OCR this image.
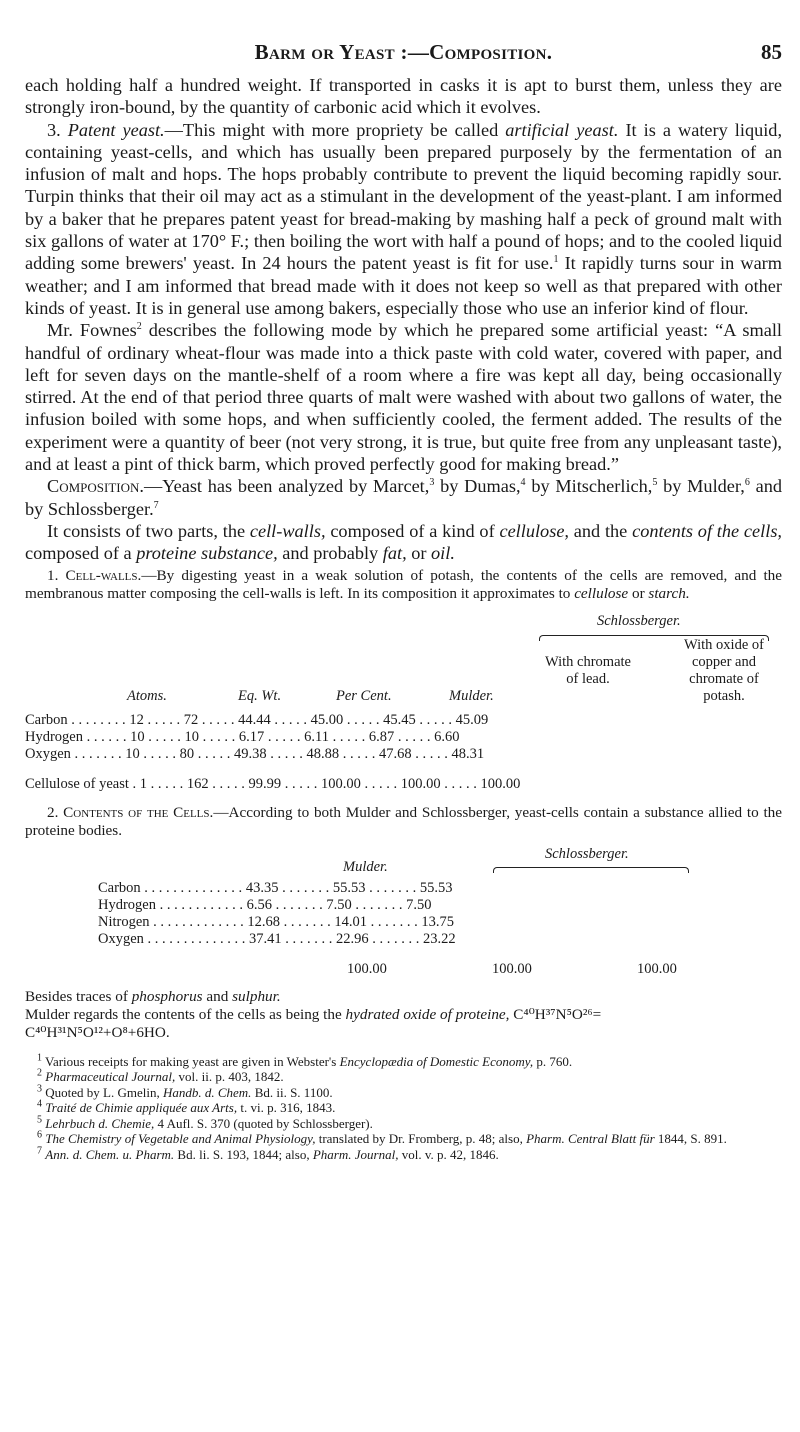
Barm or Yeast :—Composition.	85

each holding half a hundred weight. If transported in casks it is apt to burst them, unless they are strongly iron-bound, by the quantity of carbonic acid which it evolves.

3. Patent yeast.—This might with more propriety be called artificial yeast. It is a watery liquid, containing yeast-cells, and which has usually been prepared purposely by the fermentation of an infusion of malt and hops. The hops probably contribute to prevent the liquid becoming rapidly sour. Turpin thinks that their oil may act as a stimulant in the development of the yeast-plant. I am informed by a baker that he prepares patent yeast for bread-making by mashing half a peck of ground malt with six gallons of water at 170° F.; then boiling the wort with half a pound of hops; and to the cooled liquid adding some brewers' yeast. In 24 hours the patent yeast is fit for use.$^1$ It rapidly turns sour in warm weather; and I am informed that bread made with it does not keep so well as that prepared with other kinds of yeast. It is in general use among bakers, especially those who use an inferior kind of flour.

Mr. Fownes$^2$ describes the following mode by which he prepared some artificial yeast: “A small handful of ordinary wheat-flour was made into a thick paste with cold water, covered with paper, and left for seven days on the mantle-shelf of a room where a fire was kept all day, being occasionally stirred. At the end of that period three quarts of malt were washed with about two gallons of water, the infusion boiled with some hops, and when sufficiently cooled, the ferment added. The results of the experiment were a quantity of beer (not very strong, it is true, but quite free from any unpleasant taste), and at least a pint of thick barm, which proved perfectly good for making bread.”

Composition.—Yeast has been analyzed by Marcet,$^3$ by Dumas,$^4$ by Mitscherlich,$^5$ by Mulder,$^6$ and by Schlossberger.$^7$

It consists of two parts, the cell-walls, composed of a kind of cellulose, and the contents of the cells, composed of a proteine substance, and probably fat, or oil.

1. Cell-walls.—By digesting yeast in a weak solution of potash, the contents of the cells are removed, and the membranous matter composing the cell-walls is left. In its composition it approximates to cellulose or starch.

Schlossberger.
With chromate
of lead.
With oxide of
copper and
chromate of
potash.
Atoms.	Eq. Wt.	Per Cent.	Mulder.
Carbon . . . . . . . . 12 . . . . . 72 . . . . . 44.44 . . . . . 45.00 . . . . . 45.45 . . . . . 45.09
Hydrogen . . . . . . 10 . . . . . 10 . . . . . 6.17 . . . . . 6.11 . . . . . 6.87 . . . . . 6.60
Oxygen . . . . . . . 10 . . . . . 80 . . . . . 49.38 . . . . . 48.88 . . . . . 47.68 . . . . . 48.31
Cellulose of yeast . 1 . . . . . 162 . . . . . 99.99 . . . . . 100.00 . . . . . 100.00 . . . . . 100.00

2. Contents of the Cells.—According to both Mulder and Schlossberger, yeast-cells contain a substance allied to the proteine bodies.

Schlossberger.
Mulder.
Carbon . . . . . . . . . . . . . . 43.35 . . . . . . . 55.53 . . . . . . . 55.53
Hydrogen . . . . . . . . . . . . 6.56 . . . . . . . 7.50 . . . . . . . 7.50
Nitrogen . . . . . . . . . . . . . 12.68 . . . . . . . 14.01 . . . . . . . 13.75
Oxygen . . . . . . . . . . . . . . 37.41 . . . . . . . 22.96 . . . . . . . 23.22
100.00	100.00	100.00

Besides traces of phosphorus and sulphur.

Mulder regards the contents of the cells as being the hydrated oxide of proteine, C⁴⁰H³⁷N⁵O²⁶=
C⁴⁰H³¹N⁵O¹²+O⁸+6HO.

$^1$ Various receipts for making yeast are given in Webster's Encyclopædia of Domestic Economy, p. 760.

$^2$ Pharmaceutical Journal, vol. ii. p. 403, 1842.

$^3$ Quoted by L. Gmelin, Handb. d. Chem. Bd. ii. S. 1100.

$^4$ Traité de Chimie appliquée aux Arts, t. vi. p. 316, 1843.

$^5$ Lehrbuch d. Chemie, 4 Aufl. S. 370 (quoted by Schlossberger).

$^6$ The Chemistry of Vegetable and Animal Physiology, translated by Dr. Fromberg, p. 48; also, Pharm. Central Blatt für 1844, S. 891.

$^7$ Ann. d. Chem. u. Pharm. Bd. li. S. 193, 1844; also, Pharm. Journal, vol. v. p. 42, 1846.
